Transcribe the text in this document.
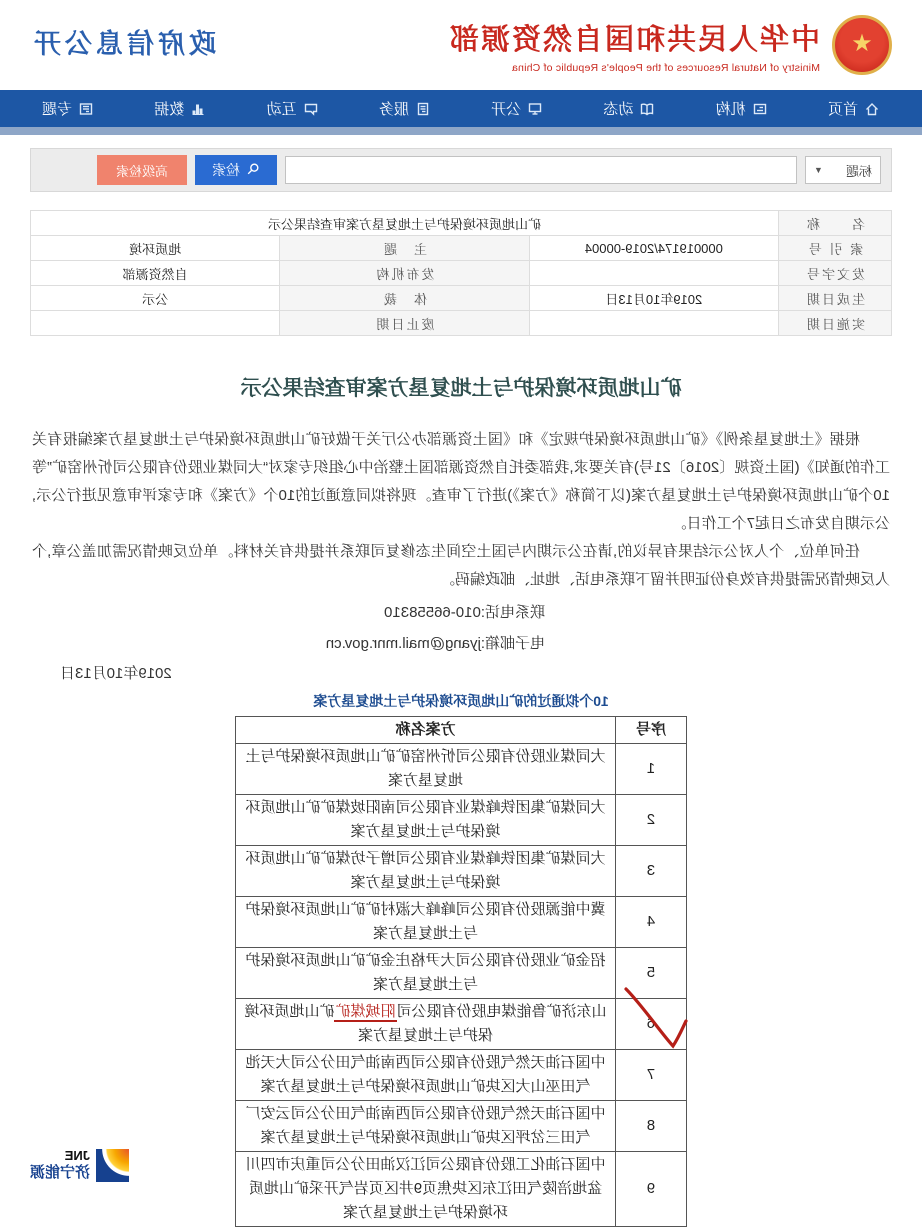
★
中华人民共和国自然资源部
Ministry of Natural Resources of the People's Republic of China
政府信息公开
首页
机构
动态
公开
服务
互动
数据
专题
标题
▼
检索
高级检索
名　　称	矿山地质环境保护与土地复垦方案审查结果公示		
索 引 号	000019174/2019-00004	主　题	地质环境
发文字号		发布机构	自然资源部
生成日期	2019年10月13日	体　裁	公示
实施日期		废止日期	
矿山地质环境保护与土地复垦方案审查结果公示

根据《土地复垦条例》《矿山地质环境保护规定》和《国土资源部办公厅关于做好矿山地质环境保护与土地复垦方案编报有关工作的通知》(国土资规〔2016〕21号)有关要求,我部委托自然资源部国土整治中心组织专家对“大同煤业股份有限公司忻州窑矿”等10个矿山地质环境保护与土地复垦方案(以下简称《方案》)进行了审查。现将拟同意通过的10个《方案》和专家评审意见进行公示,公示期自发布之日起7个工作日。

任何单位、个人对公示结果有异议的,请在公示期内与国土空间生态修复司联系并提供有关材料。单位反映情况需加盖公章,个人反映情况需提供有效身份证明并留下联系电话、地址、邮政编码。

联系电话:010-66558310
电子邮箱:jyang@mail.mnr.gov.cn
2019年10月13日
10个拟通过的矿山地质环境保护与土地复垦方案
序号	方案名称
1	大同煤业股份有限公司忻州窑矿矿山地质环境保护与土地复垦方案
2	大同煤矿集团铁峰煤业有限公司南阳坡煤矿矿山地质环境保护与土地复垦方案
3	大同煤矿集团铁峰煤业有限公司增子坊煤矿矿山地质环境保护与土地复垦方案
4	冀中能源股份有限公司峰峰大淑村矿矿山地质环境保护与土地复垦方案
5	招金矿业股份有限公司大尹格庄金矿矿山地质环境保护与土地复垦方案
6	山东济矿鲁能煤电股份有限公司阳城煤矿矿山地质环境保护与土地复垦方案
7	中国石油天然气股份有限公司西南油气田分公司大天池气田巫山大区块矿山地质环境保护与土地复垦方案
8	中国石油天然气股份有限公司西南油气田分公司云安厂气田三岔坪区块矿山地质环境保护与土地复垦方案
9	中国石油化工股份有限公司江汉油田分公司重庆市四川盆地涪陵气田江东区块焦页9井区页岩气开采矿山地质环境保护与土地复垦方案
JNE
济宁能源
